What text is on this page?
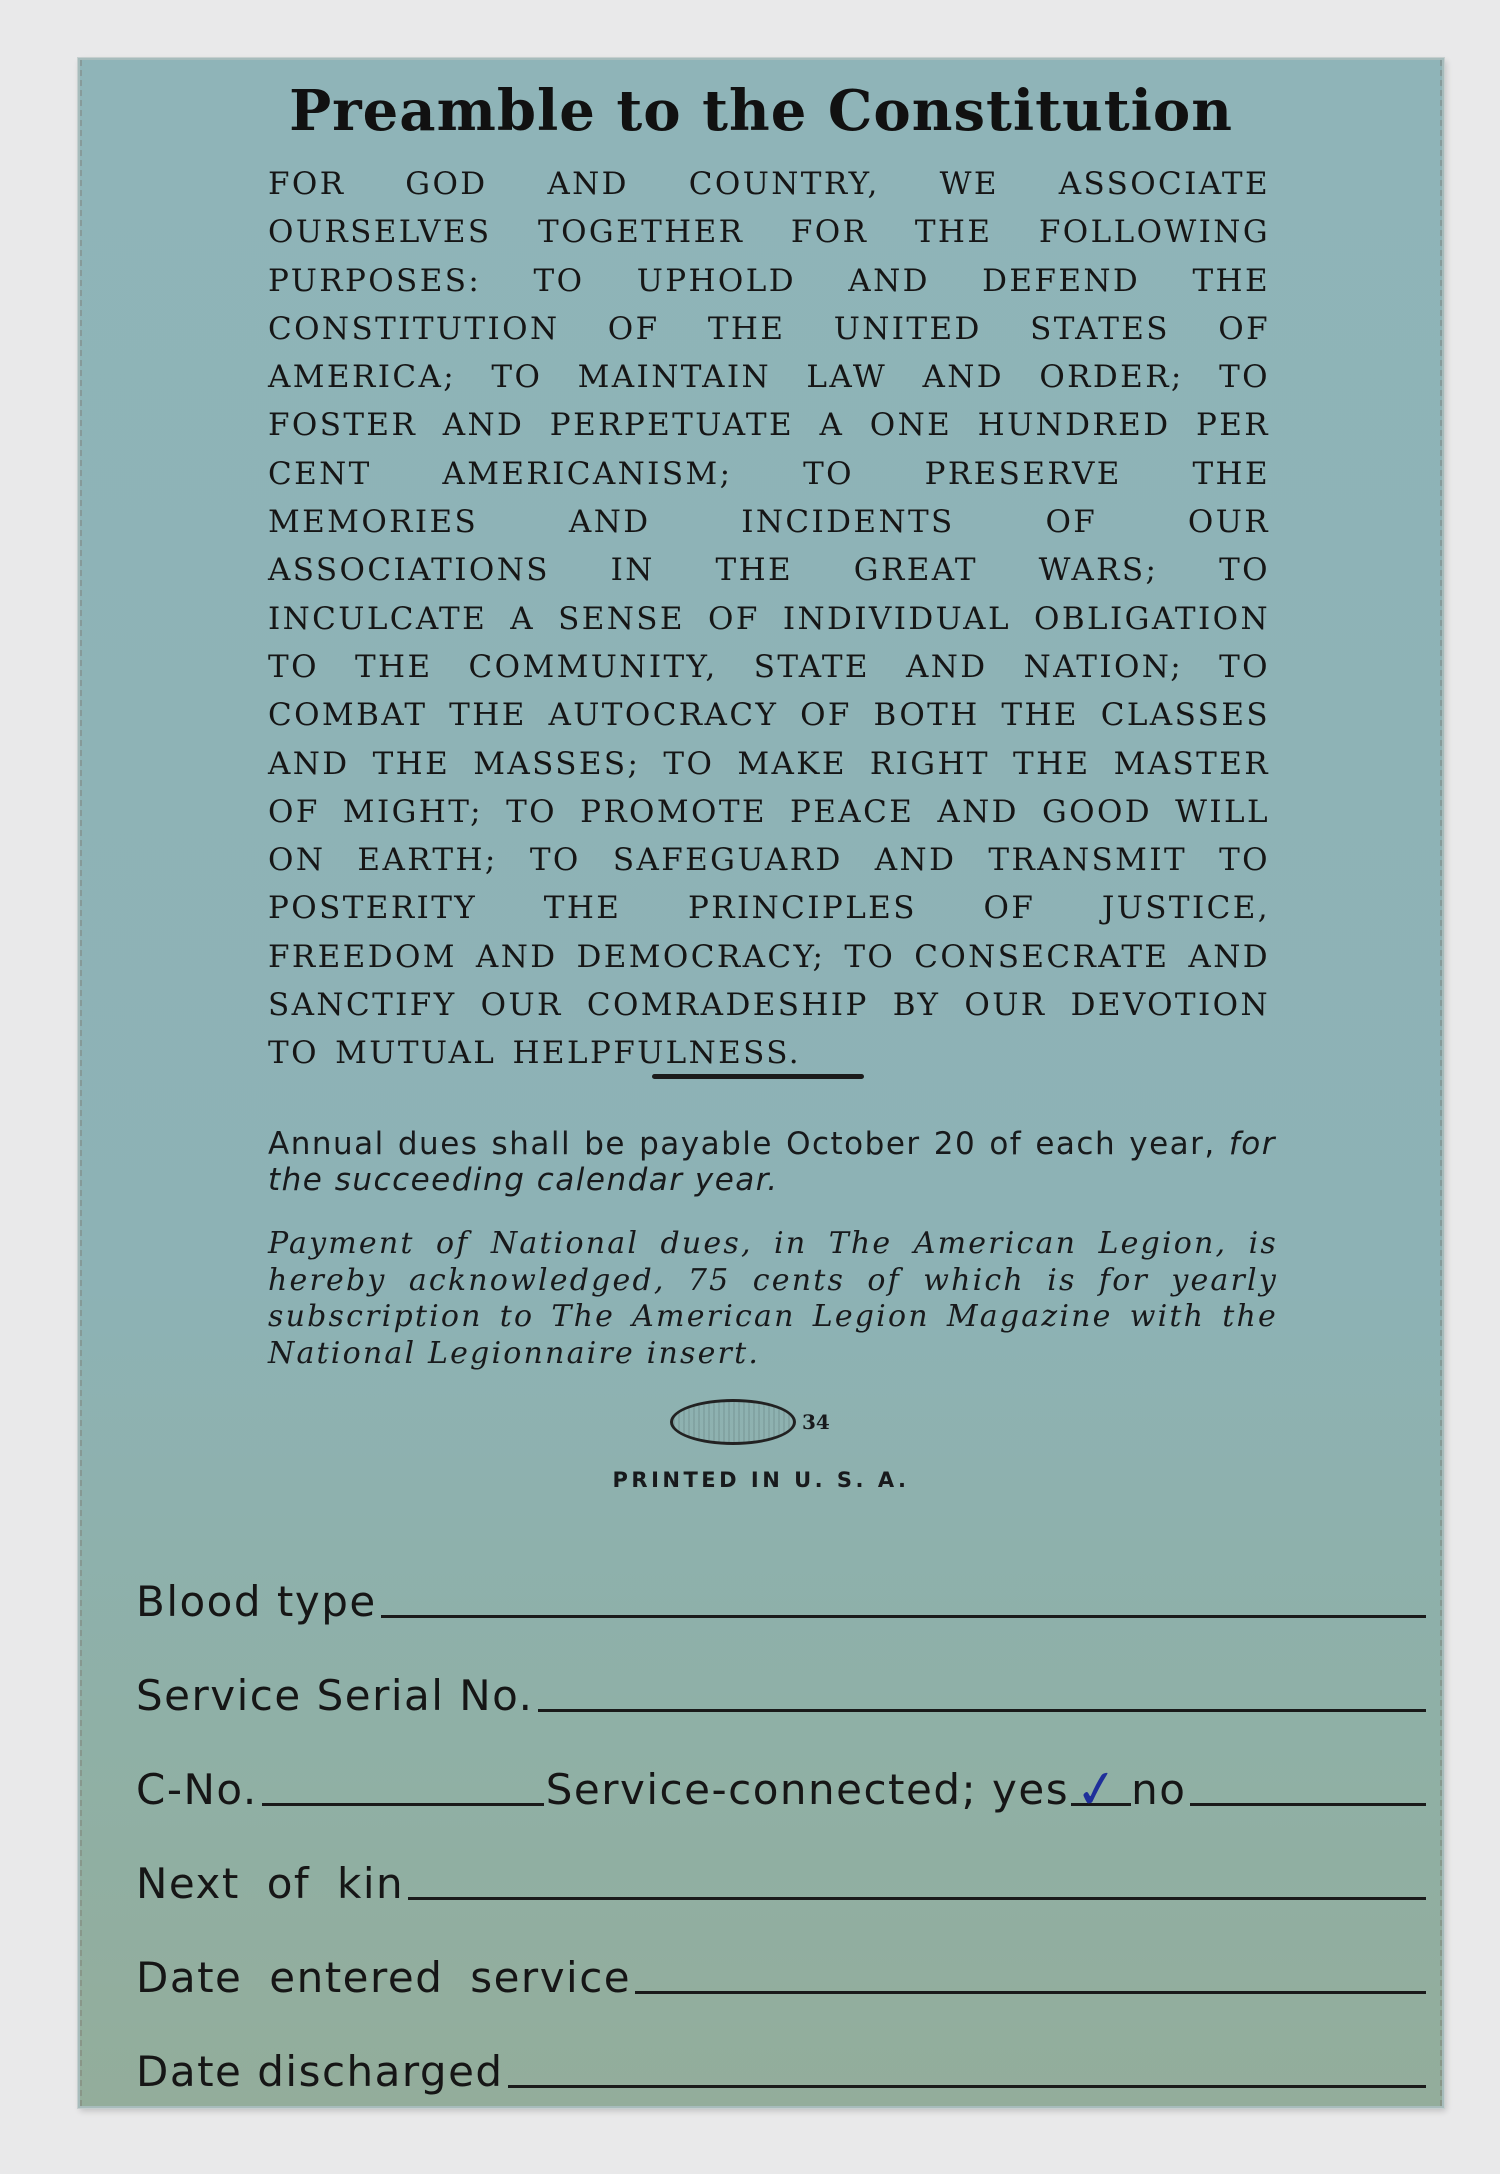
Preamble to the Constitution

FOR GOD AND COUNTRY, WE ASSOCIATE OURSELVES TOGETHER FOR THE FOLLOWING PURPOSES: TO UPHOLD AND DEFEND THE CONSTITUTION OF THE UNITED STATES OF AMERICA; TO MAINTAIN LAW AND ORDER; TO FOSTER AND PERPETUATE A ONE HUNDRED PER CENT AMERICANISM; TO PRESERVE THE MEMORIES AND INCIDENTS OF OUR ASSOCIATIONS IN THE GREAT WARS; TO INCULCATE A SENSE OF INDIVIDUAL OBLIGATION TO THE COMMUNITY, STATE AND NATION; TO COMBAT THE AUTOCRACY OF BOTH THE CLASSES AND THE MASSES; TO MAKE RIGHT THE MASTER OF MIGHT; TO PROMOTE PEACE AND GOOD WILL ON EARTH; TO SAFEGUARD AND TRANSMIT TO POSTERITY THE PRINCIPLES OF JUSTICE, FREEDOM AND DEMOCRACY; TO CONSECRATE AND SANCTIFY OUR COMRADESHIP BY OUR DEVOTION TO MUTUAL HELPFULNESS.

Annual dues shall be payable October 20 of each year, for the succeeding calendar year.

Payment of National dues, in The American Legion, is hereby acknowledged, 75 cents of which is for yearly subscription to The American Legion Magazine with the National Legionnaire insert.

34
PRINTED IN U. S. A.
Blood type
Service Serial No.
C-No.	Service-connected; yes ✓ no
Next of kin
Date entered service
Date discharged
